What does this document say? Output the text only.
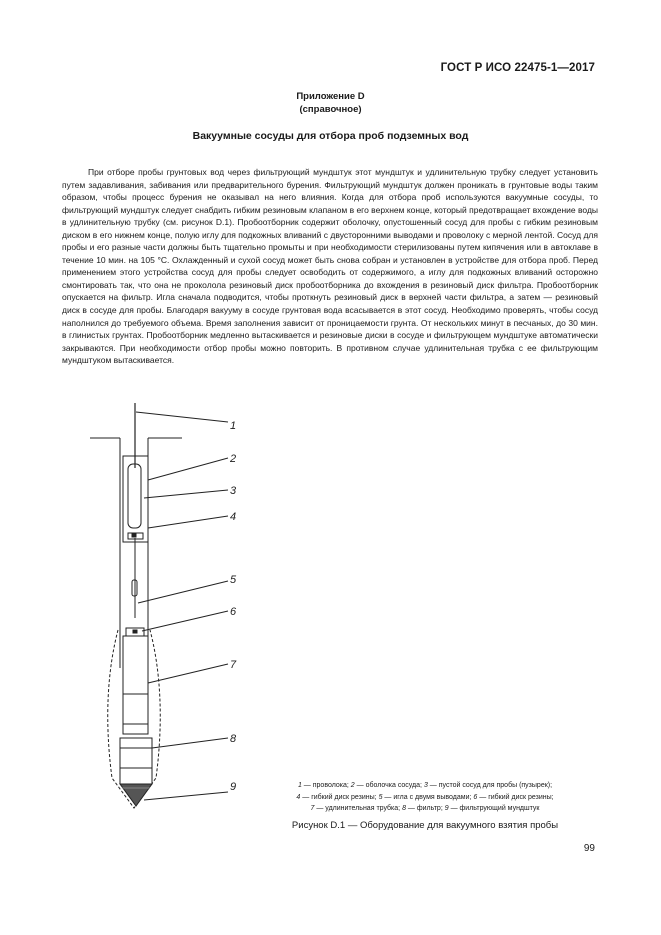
ГОСТ Р ИСО 22475-1—2017
Приложение D
(справочное)
Вакуумные сосуды для отбора проб подземных вод
При отборе пробы грунтовых вод через фильтрующий мундштук этот мундштук и удлинительную трубку следует установить путем задавливания, забивания или предварительного бурения. Фильтрующий мундштук должен проникать в грунтовые воды таким образом, чтобы процесс бурения не оказывал на него влияния. Когда для отбора проб используются вакуумные сосуды, то фильтрующий мундштук следует снабдить гибким резиновым клапаном в его верхнем конце, который предотвращает вхождение воды в удлинительную трубку (см. рисунок D.1). Пробоотборник содержит оболочку, опустошенный сосуд для пробы с гибким резиновым диском в его нижнем конце, полую иглу для подкожных вливаний с двусторонними выводами и проволоку с мерной лентой. Сосуд для пробы и его разные части должны быть тщательно промыты и при необходимости стерилизованы путем кипячения или в автоклаве в течение 10 мин. на 105 °С. Охлажденный и сухой сосуд может быть снова собран и установлен в устройстве для отбора проб. Перед применением этого устройства сосуд для пробы следует освободить от содержимого, а иглу для подкожных вливаний осторожно смонтировать так, что она не проколола резиновый диск пробоотборника до вхождения в резиновый диск фильтра. Пробоотборник опускается на фильтр. Игла сначала подводится, чтобы проткнуть резиновый диск в верхней части фильтра, а затем — резиновый диск в сосуде для пробы. Благодаря вакууму в сосуде грунтовая вода всасывается в этот сосуд. Необходимо проверять, чтобы сосуд наполнился до требуемого объема. Время заполнения зависит от проницаемости грунта. От нескольких минут в песчаных, до 30 мин. в глинистых грунтах. Пробоотборник медленно вытаскивается и резиновые диски в сосуде и фильтрующем мундштуке автоматически закрываются. При необходимости отбор пробы можно повторить. В противном случае удлинительная трубка с ее фильтрующим мундштуком вытаскивается.
1
2
3
4
5
6
7
8
9	1 — проволока; 2 — оболочка сосуда; 3 — пустой сосуд для пробы (пузырек);
4 — гибкий диск резины; 5 — игла с двумя выводами; 6 — гибкий диск резины;
7 — удлинительная трубка; 8 — фильтр; 9 — фильтрующий мундштук
Рисунок D.1 — Оборудование для вакуумного взятия пробы
99
